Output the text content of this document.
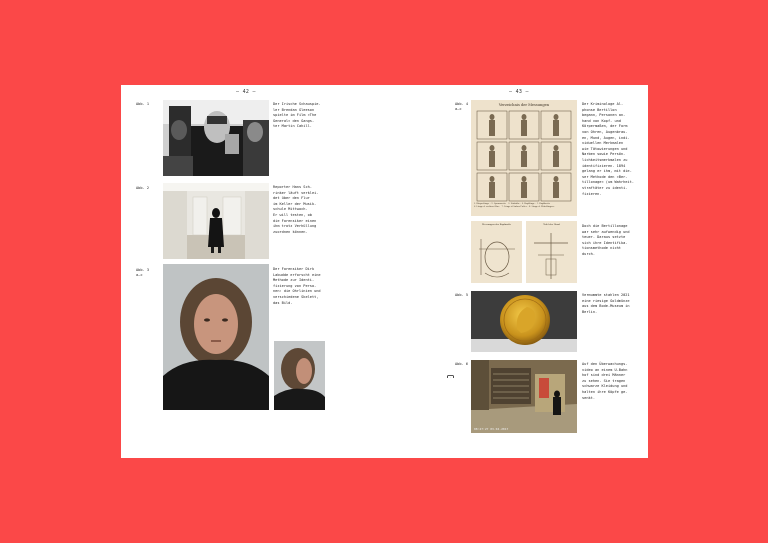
– 42 –	– 43 –
Abb. 1	Der Irische Schauspie-
ler Brendan Gleeson
spielte im Film »The
General« den Gangs-
ter Martin Cahill.
Abb. 2	Reporter Hans Sch-
rinker läuft verklei-
det über den Flur
im Keller der Musik-
schule Mittwoch.
Er will testen, ob
die Forensiker einen
ihm trotz Verhüllung
zuordnen können.
Abb. 3
a–c
Der Forensiker Dirk
Labudde erforscht eine
Methode zur Identi-
fizierung von Perso-
nen: die Ohrlinien und
verschiedene Skelett,
das Bild.
Abb. 4
a–c
Verzeichnis der Messungen
1. Körperlänge – 2. Spannweite – 3. Sitzhöhe – 4. Kopflänge – 5. Kopfbreite
6. Länge d. rechten Ohrs – 7. Länge d. linken Fußes – 8. Länge d. Mittelfingers
Der Kriminologe Al-
phonse Bertillon
begann, Personen an-
hand von Kopf- und
Körpermaßen, der Form
von Ohren, Augenbrau-
en, Mund, Augen, indi-
viduellen Merkmalen
wie Tätowierungen und
Narben sowie Persön-
lichkeitsmerkmalen zu
identifizieren. 1894
gelang er ihm, mit die-
ser Methode den »Ber-
tillonage« (um Wahrheit-
straftäter zu identi-
fizieren.
Messungen der Kopfmaße	Tafel der Hand	Doch die Bertillonage
war sehr aufwendig und
teuer. Daraus setzte
sich ihre Identifika-
tionsmethode nicht
durch.
Abb. 5	Vermummte stahlen 2021
eine riesige Goldmünze
aus dem Bode-Museum in
Berlin.
Abb. 6
08:47:27 03.04.2017
Auf den Überwachungs-
video an einem U-Bahn
hof sind drei Männer
zu sehen. Sie tragen
schwarze Kleidung und
halten ihre Köpfe ge-
senkt.
